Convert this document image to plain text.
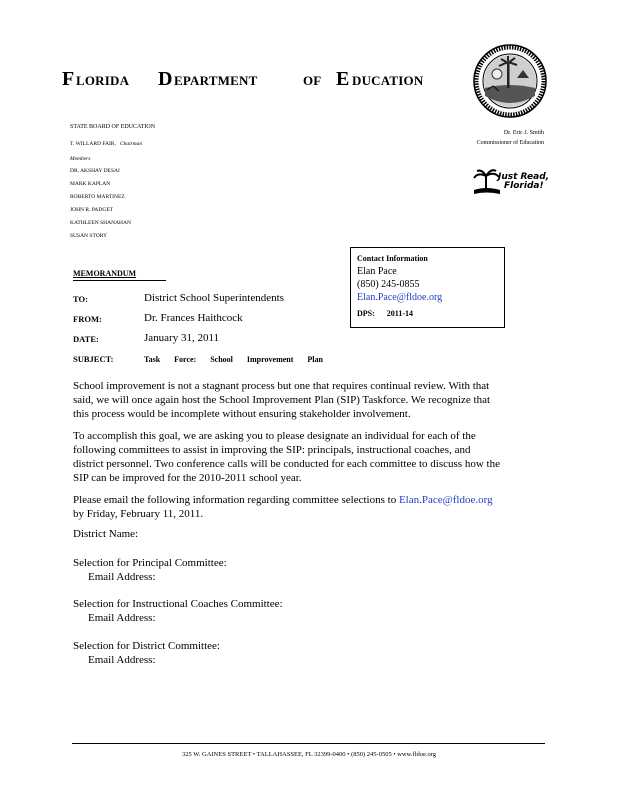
F LORIDA D EPARTMENT	OF E DUCATION
STATE BOARD OF EDUCATION
T. WILLARD FAIR, Chairman
Members
DR. AKSHAY DESAI
MARK KAPLAN
ROBERTO MARTINEZ
JOHN R. PADGET
KATHLEEN SHANAHAN
SUSAN STORY
Dr. Eric J. Smith
Commissioner of Education
Just Read,
Florida!
Contact Information
Elan Pace
(850) 245-0855
Elan.Pace@fldoe.org
DPS: 2011-14
MEMORANDUM
TO:	District School Superintendents
FROM:	Dr. Frances Haithcock
DATE:	January 31, 2011
SUBJECT:	Task Force: School Improvement Plan
School improvement is not a stagnant process but one that requires continual review. With that
said, we will once again host the School Improvement Plan (SIP) Taskforce. We recognize that
this process would be incomplete without ensuring stakeholder involvement.
To accomplish this goal, we are asking you to please designate an individual for each of the
following committees to assist in improving the SIP: principals, instructional coaches, and
district personnel. Two conference calls will be conducted for each committee to discuss how the
SIP can be improved for the 2010-2011 school year.
Please email the following information regarding committee selections to Elan.Pace@fldoe.org
by Friday, February 11, 2011.
District Name:
Selection for Principal Committee:
Email Address:
Selection for Instructional Coaches Committee:
Email Address:
Selection for District Committee:
Email Address:
325 W. GAINES STREET • TALLAHASSEE, FL 32399-0400 • (850) 245-0505 • www.fldoe.org
